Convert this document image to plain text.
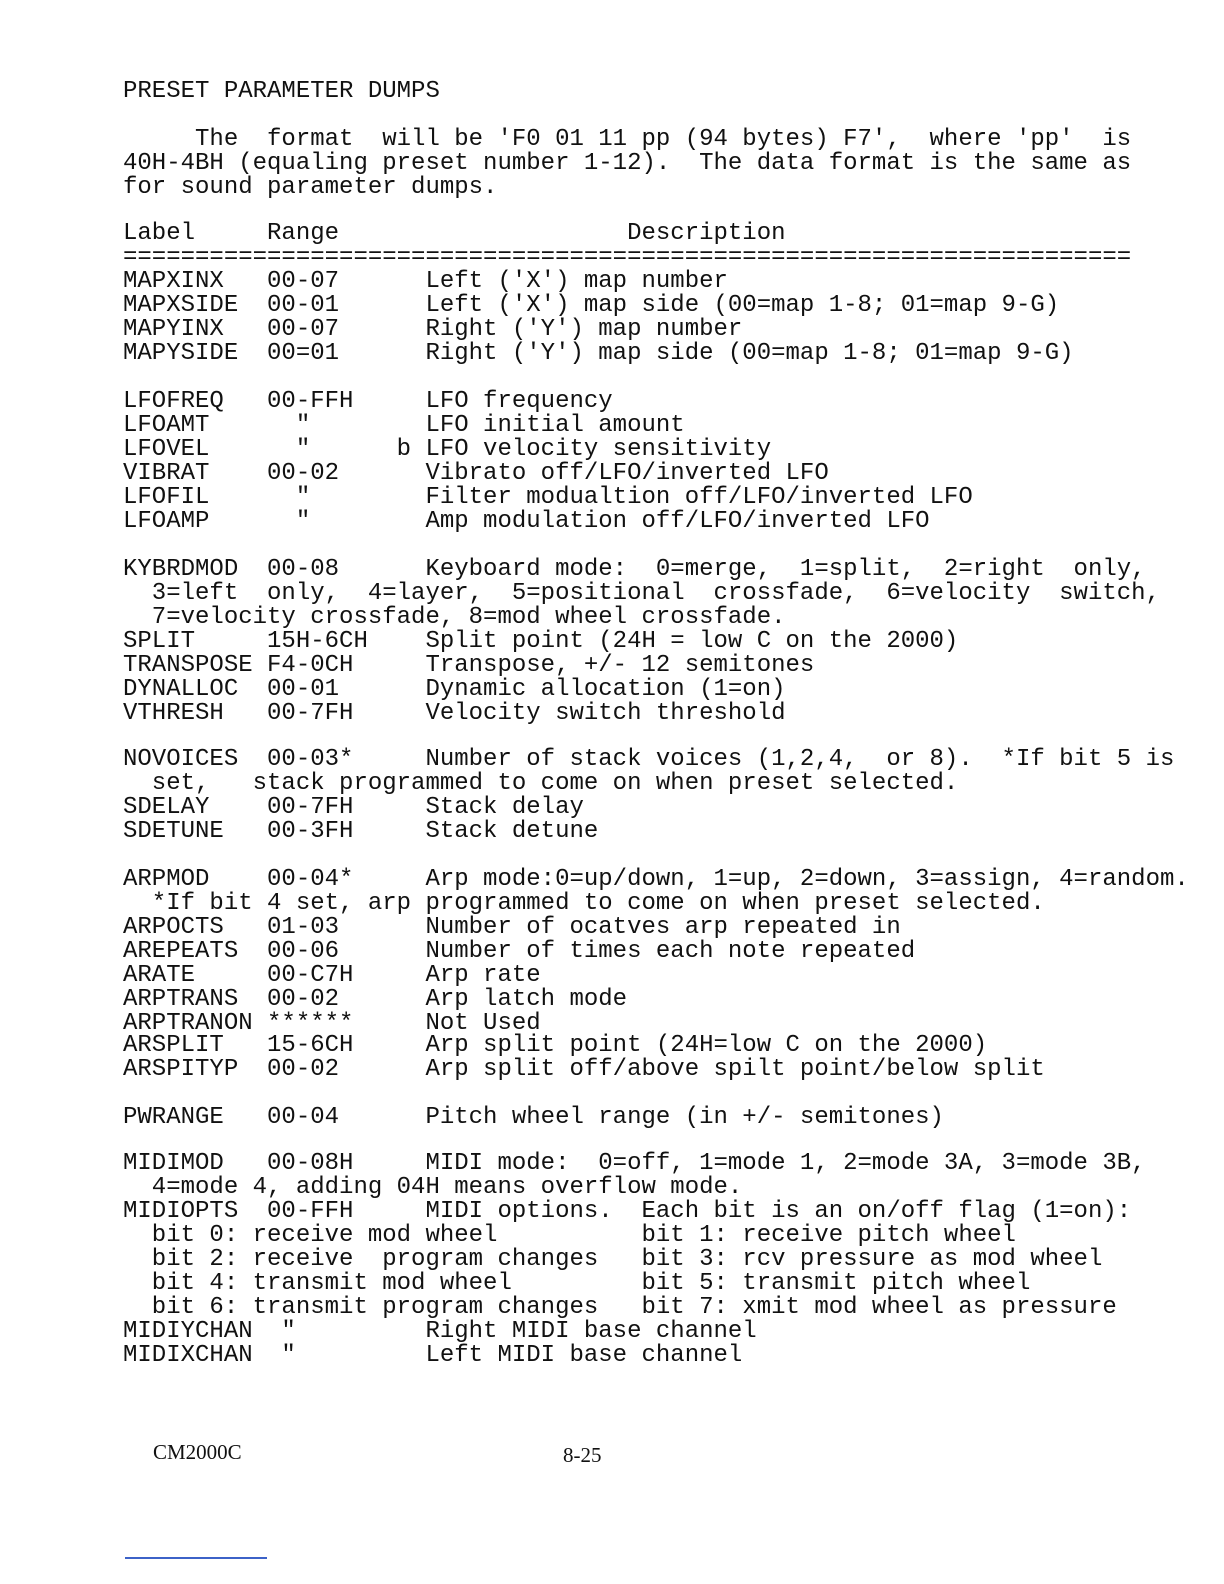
PRESET PARAMETER DUMPS

The  format  will be 'F0 01 11 pp (94 bytes) F7',  where 'pp'  is

40H-4BH (equaling preset number 1-12).  The data format is the same as

for sound parameter dumps.

Label     Range                    Description

======================================================================

MAPXINX   00-07      Left ('X') map number

MAPXSIDE  00-01      Left ('X') map side (00=map 1-8; 01=map 9-G)

MAPYINX   00-07      Right ('Y') map number

MAPYSIDE  00=01      Right ('Y') map side (00=map 1-8; 01=map 9-G)

LFOFREQ   00-FFH     LFO frequency

LFOAMT      "        LFO initial amount

LFOVEL      "      b LFO velocity sensitivity

VIBRAT    00-02      Vibrato off/LFO/inverted LFO

LFOFIL      "        Filter modualtion off/LFO/inverted LFO

LFOAMP      "        Amp modulation off/LFO/inverted LFO

KYBRDMOD  00-08      Keyboard mode:  0=merge,  1=split,  2=right  only,

3=left  only,  4=layer,  5=positional  crossfade,  6=velocity  switch,

7=velocity crossfade, 8=mod wheel crossfade.

SPLIT     15H-6CH    Split point (24H = low C on the 2000)

TRANSPOSE F4-0CH     Transpose, +/- 12 semitones

DYNALLOC  00-01      Dynamic allocation (1=on)

VTHRESH   00-7FH     Velocity switch threshold

NOVOICES  00-03*     Number of stack voices (1,2,4,  or 8).  *If bit 5 is

set,   stack programmed to come on when preset selected.

SDELAY    00-7FH     Stack delay

SDETUNE   00-3FH     Stack detune

ARPMOD    00-04*     Arp mode:0=up/down, 1=up, 2=down, 3=assign, 4=random.

*If bit 4 set, arp programmed to come on when preset selected.

ARPOCTS   01-03      Number of ocatves arp repeated in

AREPEATS  00-06      Number of times each note repeated

ARATE     00-C7H     Arp rate

ARPTRANS  00-02      Arp latch mode

ARPTRANON ******     Not Used

ARSPLIT   15-6CH     Arp split point (24H=low C on the 2000)

ARSPITYP  00-02      Arp split off/above spilt point/below split

PWRANGE   00-04      Pitch wheel range (in +/- semitones)

MIDIMOD   00-08H     MIDI mode:  0=off, 1=mode 1, 2=mode 3A, 3=mode 3B,

4=mode 4, adding 04H means overflow mode.

MIDIOPTS  00-FFH     MIDI options.  Each bit is an on/off flag (1=on):

bit 0: receive mod wheel          bit 1: receive pitch wheel

bit 2: receive  program changes   bit 3: rcv pressure as mod wheel

bit 4: transmit mod wheel         bit 5: transmit pitch wheel

bit 6: transmit program changes   bit 7: xmit mod wheel as pressure

MIDIYCHAN  "         Right MIDI base channel

MIDIXCHAN  "         Left MIDI base channel

CM2000C	8-25
